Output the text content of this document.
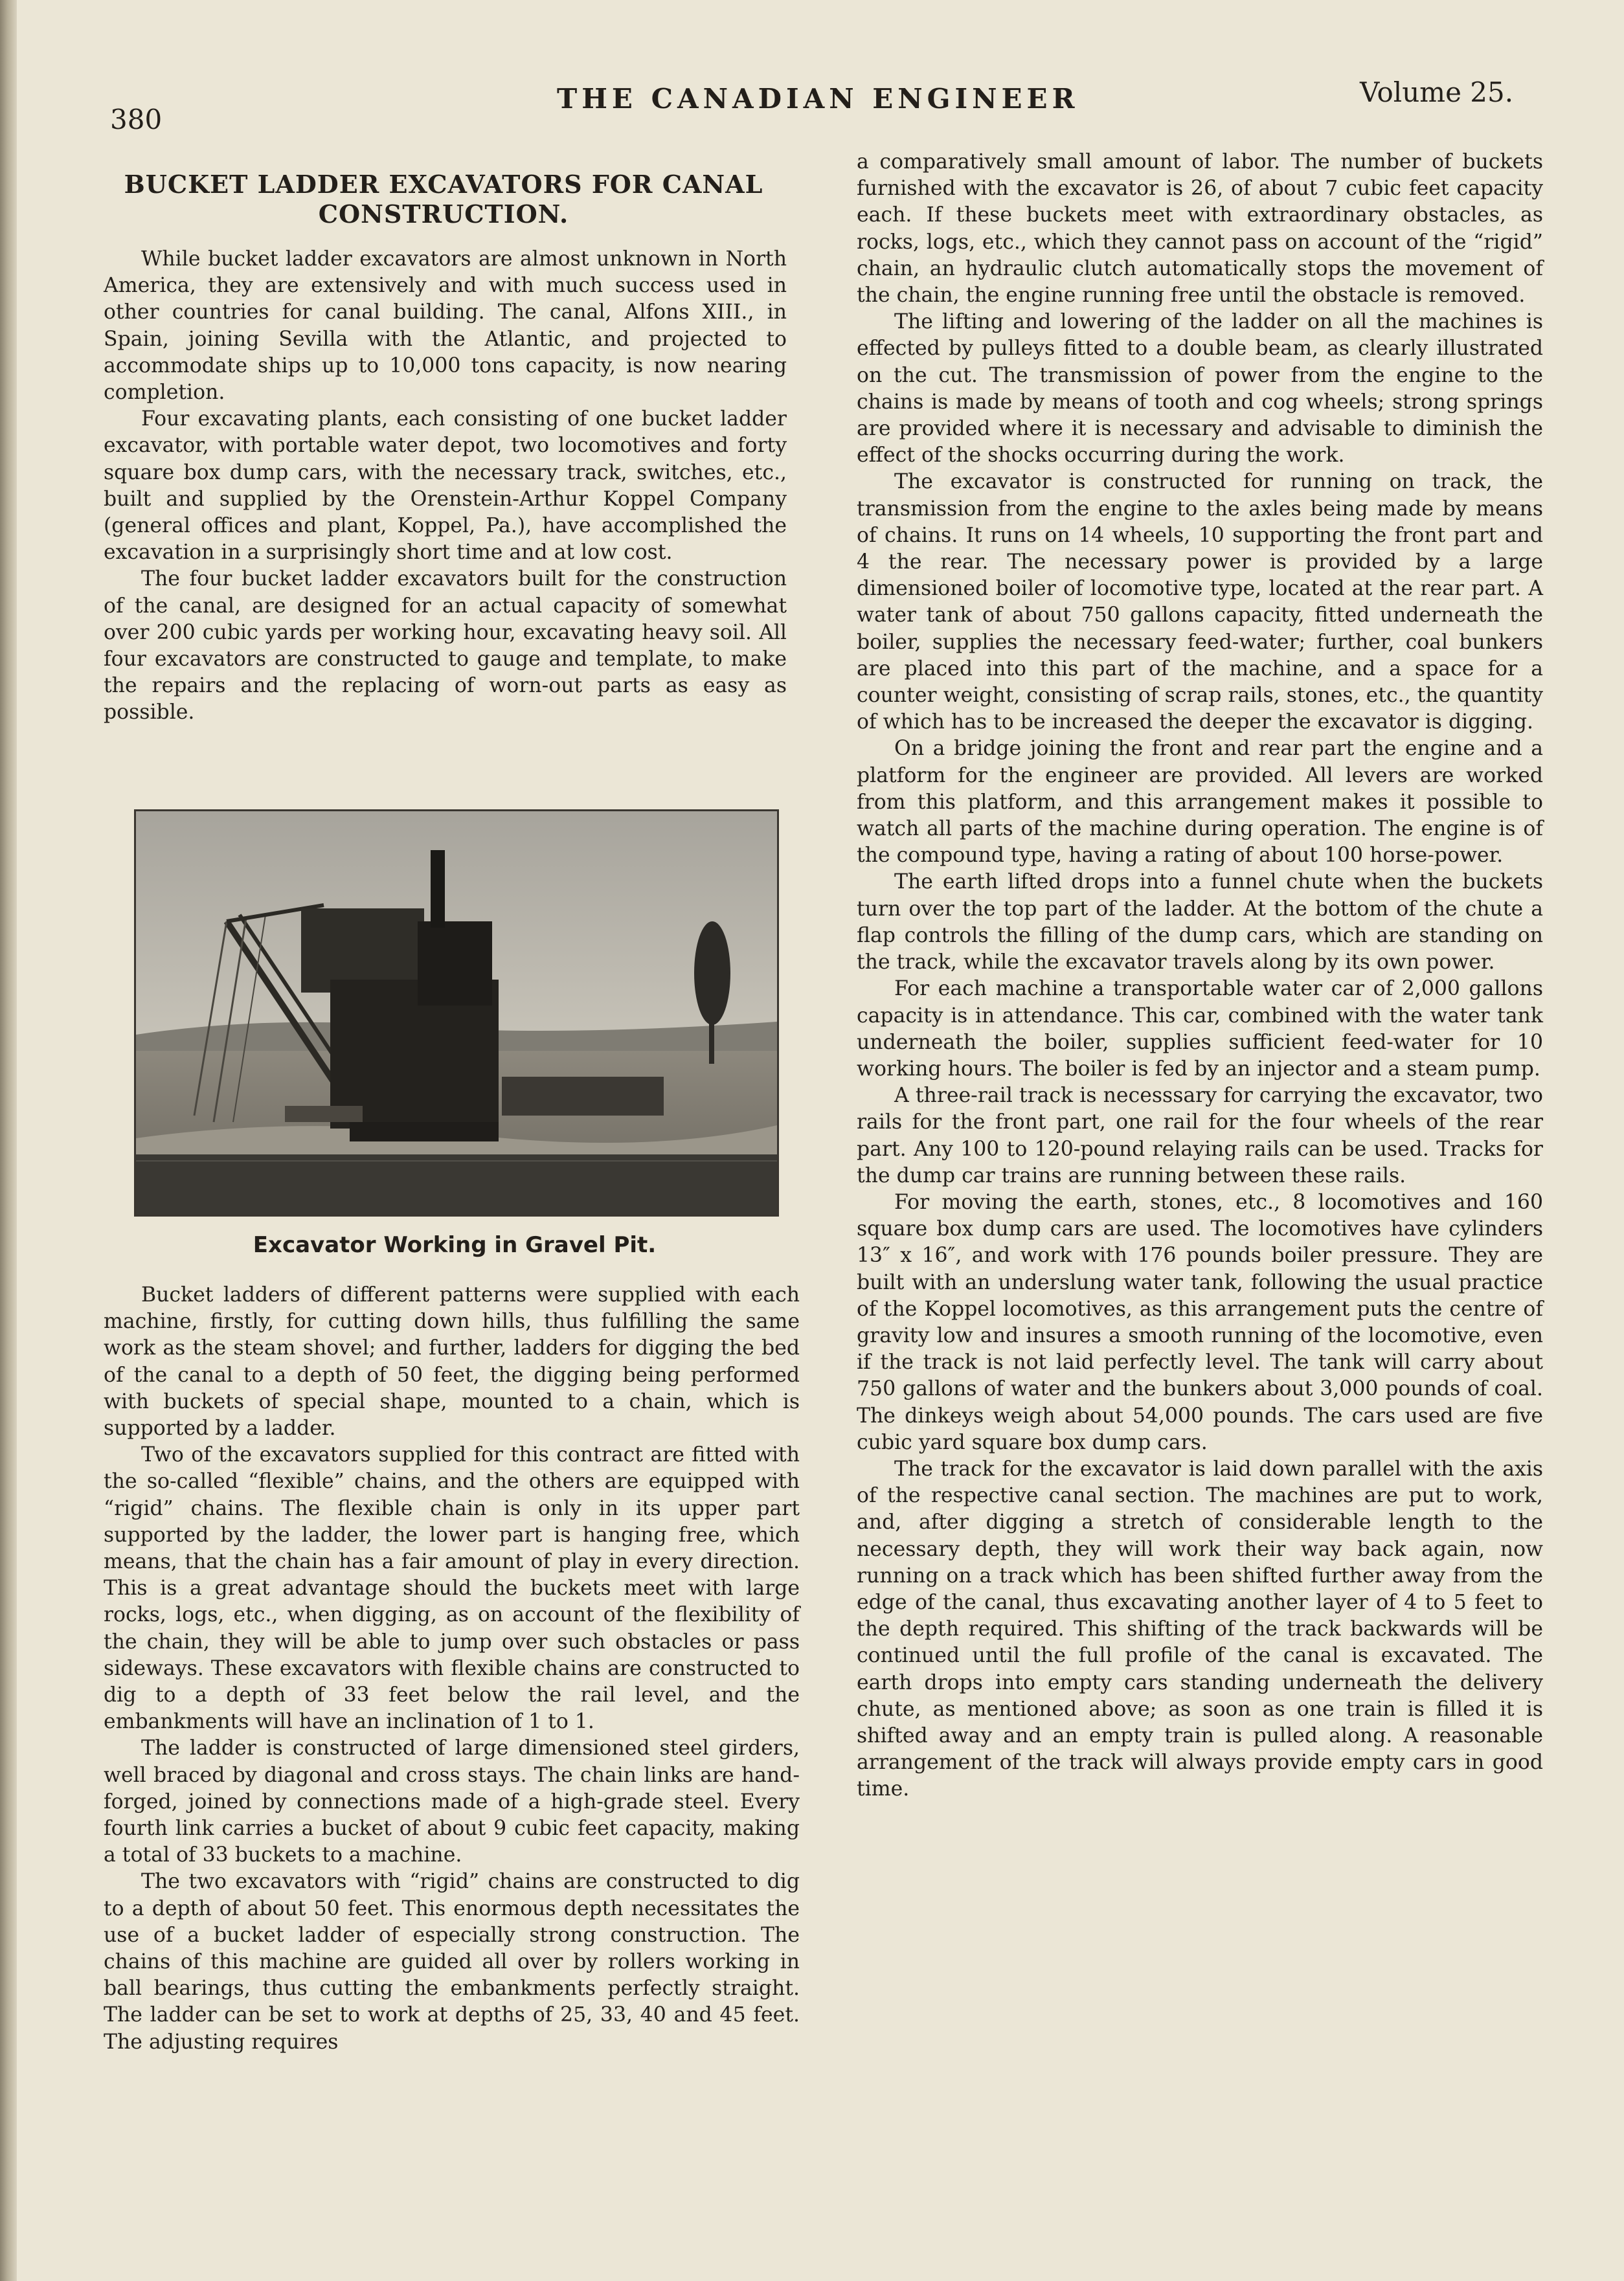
380
THE CANADIAN ENGINEER	Volume 25.
BUCKET LADDER EXCAVATORS FOR CANAL
CONSTRUCTION.

While bucket ladder excavators are almost unknown in North America, they are extensively and with much success used in other countries for canal building. The canal, Alfons XIII., in Spain, joining Sevilla with the Atlantic, and projected to accommodate ships up to 10,000 tons capacity, is now nearing completion.

Four excavating plants, each consisting of one bucket ladder excavator, with portable water depot, two locomotives and forty square box dump cars, with the necessary track, switches, etc., built and supplied by the Orenstein-Arthur Koppel Company (general offices and plant, Koppel, Pa.), have accomplished the excavation in a surprisingly short time and at low cost.

The four bucket ladder excavators built for the construction of the canal, are designed for an actual capacity of somewhat over 200 cubic yards per working hour, excavating heavy soil. All four excavators are constructed to gauge and template, to make the repairs and the replacing of worn-out parts as easy as possible.

Excavator Working in Gravel Pit.

Bucket ladders of different patterns were supplied with each machine, firstly, for cutting down hills, thus fulfilling the same work as the steam shovel; and further, ladders for digging the bed of the canal to a depth of 50 feet, the digging being performed with buckets of special shape, mounted to a chain, which is supported by a ladder.

Two of the excavators supplied for this contract are fitted with the so-called “flexible” chains, and the others are equipped with “rigid” chains. The flexible chain is only in its upper part supported by the ladder, the lower part is hanging free, which means, that the chain has a fair amount of play in every direction. This is a great advantage should the buckets meet with large rocks, logs, etc., when digging, as on account of the flexibility of the chain, they will be able to jump over such obstacles or pass sideways. These excavators with flexible chains are constructed to dig to a depth of 33 feet below the rail level, and the embankments will have an inclination of 1 to 1.

The ladder is constructed of large dimensioned steel girders, well braced by diagonal and cross stays. The chain links are hand-forged, joined by connections made of a high-grade steel. Every fourth link carries a bucket of about 9 cubic feet capacity, making a total of 33 buckets to a machine.

The two excavators with “rigid” chains are constructed to dig to a depth of about 50 feet. This enormous depth necessitates the use of a bucket ladder of especially strong construction. The chains of this machine are guided all over by rollers working in ball bearings, thus cutting the embankments perfectly straight. The ladder can be set to work at depths of 25, 33, 40 and 45 feet. The adjusting requires

a comparatively small amount of labor. The number of buckets furnished with the excavator is 26, of about 7 cubic feet capacity each. If these buckets meet with extraordinary obstacles, as rocks, logs, etc., which they cannot pass on account of the “rigid” chain, an hydraulic clutch automatically stops the movement of the chain, the engine running free until the obstacle is removed.

The lifting and lowering of the ladder on all the machines is effected by pulleys fitted to a double beam, as clearly illustrated on the cut. The transmission of power from the engine to the chains is made by means of tooth and cog wheels; strong springs are provided where it is necessary and advisable to diminish the effect of the shocks occurring during the work.

The excavator is constructed for running on track, the transmission from the engine to the axles being made by means of chains. It runs on 14 wheels, 10 supporting the front part and 4 the rear. The necessary power is provided by a large dimensioned boiler of locomotive type, located at the rear part. A water tank of about 750 gallons capacity, fitted underneath the boiler, supplies the necessary feed-water; further, coal bunkers are placed into this part of the machine, and a space for a counter weight, consisting of scrap rails, stones, etc., the quantity of which has to be increased the deeper the excavator is digging.

On a bridge joining the front and rear part the engine and a platform for the engineer are provided. All levers are worked from this platform, and this arrangement makes it possible to watch all parts of the machine during operation. The engine is of the compound type, having a rating of about 100 horse-power.

The earth lifted drops into a funnel chute when the buckets turn over the top part of the ladder. At the bottom of the chute a flap controls the filling of the dump cars, which are standing on the track, while the excavator travels along by its own power.

For each machine a transportable water car of 2,000 gallons capacity is in attendance. This car, combined with the water tank underneath the boiler, supplies sufficient feed-water for 10 working hours. The boiler is fed by an injector and a steam pump.

A three-rail track is necesssary for carrying the excavator, two rails for the front part, one rail for the four wheels of the rear part. Any 100 to 120-pound relaying rails can be used. Tracks for the dump car trains are running between these rails.

For moving the earth, stones, etc., 8 locomotives and 160 square box dump cars are used. The locomotives have cylinders 13″ x 16″, and work with 176 pounds boiler pressure. They are built with an underslung water tank, following the usual practice of the Koppel locomotives, as this arrangement puts the centre of gravity low and insures a smooth running of the locomotive, even if the track is not laid perfectly level. The tank will carry about 750 gallons of water and the bunkers about 3,000 pounds of coal. The dinkeys weigh about 54,000 pounds. The cars used are five cubic yard square box dump cars.

The track for the excavator is laid down parallel with the axis of the respective canal section. The machines are put to work, and, after digging a stretch of considerable length to the necessary depth, they will work their way back again, now running on a track which has been shifted further away from the edge of the canal, thus excavating another layer of 4 to 5 feet to the depth required. This shifting of the track backwards will be continued until the full profile of the canal is excavated. The earth drops into empty cars standing underneath the delivery chute, as mentioned above; as soon as one train is filled it is shifted away and an empty train is pulled along. A reasonable arrangement of the track will always provide empty cars in good time.
